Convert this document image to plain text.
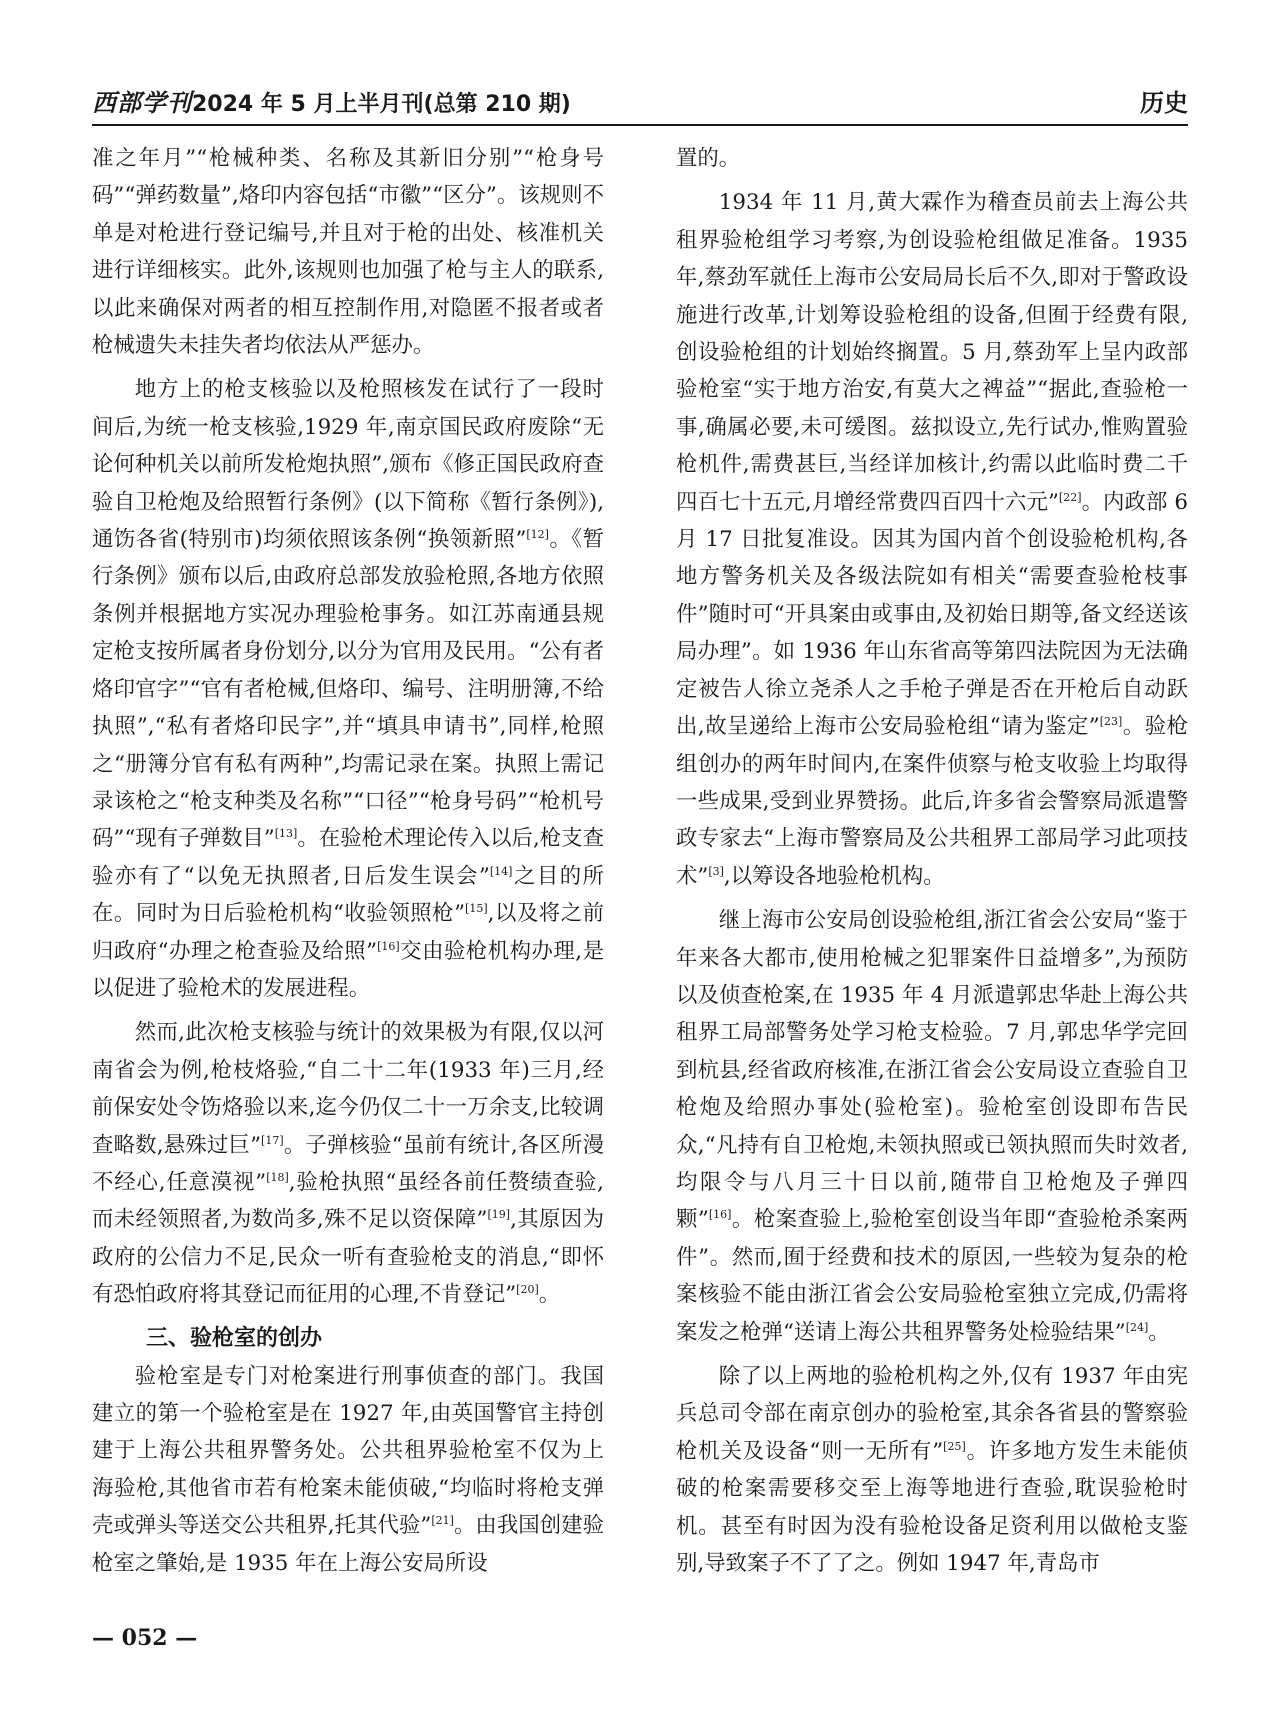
西部学刊 2024 年 5 月上半月刊(总第 210 期)	历史

准之年月”“枪械种类、名称及其新旧分别”“枪身号码”“弹药数量”,烙印内容包括“市徽”“区分”。该规则不单是对枪进行登记编号,并且对于枪的出处、核准机关进行详细核实。此外,该规则也加强了枪与主人的联系,以此来确保对两者的相互控制作用,对隐匿不报者或者枪械遗失未挂失者均依法从严惩办。

地方上的枪支核验以及枪照核发在试行了一段时间后,为统一枪支核验,1929 年,南京国民政府废除“无论何种机关以前所发枪炮执照”,颁布《修正国民政府查验自卫枪炮及给照暂行条例》(以下简称《暂行条例》),通饬各省(特别市)均须依照该条例“换领新照”[12]。《暂行条例》颁布以后,由政府总部发放验枪照,各地方依照条例并根据地方实况办理验枪事务。如江苏南通县规定枪支按所属者身份划分,以分为官用及民用。“公有者烙印官字”“官有者枪械,但烙印、编号、注明册簿,不给执照”,“私有者烙印民字”,并“填具申请书”,同样,枪照之“册簿分官有私有两种”,均需记录在案。执照上需记录该枪之“枪支种类及名称”“口径”“枪身号码”“枪机号码”“现有子弹数目”[13]。在验枪术理论传入以后,枪支查验亦有了“以免无执照者,日后发生误会”[14]之目的所在。同时为日后验枪机构“收验领照枪”[15],以及将之前归政府“办理之枪查验及给照”[16]交由验枪机构办理,是以促进了验枪术的发展进程。

然而,此次枪支核验与统计的效果极为有限,仅以河南省会为例,枪枝烙验,“自二十二年(1933 年)三月,经前保安处令饬烙验以来,迄今仍仅二十一万余支,比较调查略数,悬殊过巨”[17]。子弹核验“虽前有统计,各区所漫不经心,任意漠视”[18],验枪执照“虽经各前任赘绩查验,而未经领照者,为数尚多,殊不足以资保障”[19],其原因为政府的公信力不足,民众一听有查验枪支的消息,“即怀有恐怕政府将其登记而征用的心理,不肯登记”[20]。

三、验枪室的创办

验枪室是专门对枪案进行刑事侦查的部门。我国建立的第一个验枪室是在 1927 年,由英国警官主持创建于上海公共租界警务处。公共租界验枪室不仅为上海验枪,其他省市若有枪案未能侦破,“均临时将枪支弹壳或弹头等送交公共租界,托其代验”[21]。由我国创建验枪室之肇始,是 1935 年在上海公安局所设

置的。

1934 年 11 月,黄大霖作为稽查员前去上海公共租界验枪组学习考察,为创设验枪组做足准备。1935 年,蔡劲军就任上海市公安局局长后不久,即对于警政设施进行改革,计划筹设验枪组的设备,但囿于经费有限,创设验枪组的计划始终搁置。5 月,蔡劲军上呈内政部验枪室“实于地方治安,有莫大之裨益”“据此,查验枪一事,确属必要,未可缓图。兹拟设立,先行试办,惟购置验枪机件,需费甚巨,当经详加核计,约需以此临时费二千四百七十五元,月增经常费四百四十六元”[22]。内政部 6 月 17 日批复准设。因其为国内首个创设验枪机构,各地方警务机关及各级法院如有相关“需要查验枪枝事件”随时可“开具案由或事由,及初始日期等,备文经送该局办理”。如 1936 年山东省高等第四法院因为无法确定被告人徐立尧杀人之手枪子弹是否在开枪后自动跃出,故呈递给上海市公安局验枪组“请为鉴定”[23]。验枪组创办的两年时间内,在案件侦察与枪支收验上均取得一些成果,受到业界赞扬。此后,许多省会警察局派遣警政专家去“上海市警察局及公共租界工部局学习此项技术”[3],以筹设各地验枪机构。

继上海市公安局创设验枪组,浙江省会公安局“鉴于年来各大都市,使用枪械之犯罪案件日益增多”,为预防以及侦查枪案,在 1935 年 4 月派遣郭忠华赴上海公共租界工局部警务处学习枪支检验。7 月,郭忠华学完回到杭县,经省政府核准,在浙江省会公安局设立查验自卫枪炮及给照办事处(验枪室)。验枪室创设即布告民众,“凡持有自卫枪炮,未领执照或已领执照而失时效者,均限令与八月三十日以前,随带自卫枪炮及子弹四颗”[16]。枪案查验上,验枪室创设当年即“查验枪杀案两件”。然而,囿于经费和技术的原因,一些较为复杂的枪案核验不能由浙江省会公安局验枪室独立完成,仍需将案发之枪弹“送请上海公共租界警务处检验结果”[24]。

除了以上两地的验枪机构之外,仅有 1937 年由宪兵总司令部在南京创办的验枪室,其余各省县的警察验枪机关及设备“则一无所有”[25]。许多地方发生未能侦破的枪案需要移交至上海等地进行查验,耽误验枪时机。甚至有时因为没有验枪设备足资利用以做枪支鉴别,导致案子不了了之。例如 1947 年,青岛市

— 052 —
